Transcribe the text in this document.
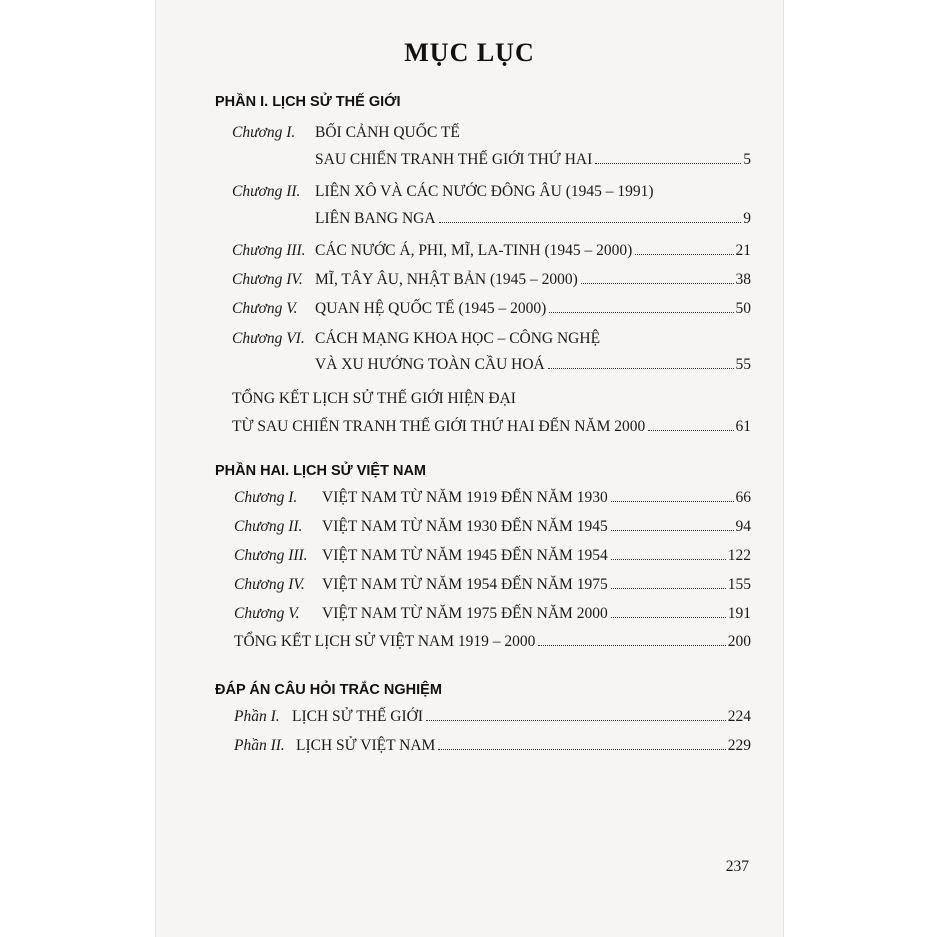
MỤC LỤC
PHẦN I. LỊCH SỬ THẾ GIỚI
Chương I. BỐI CẢNH QUỐC TẾ
SAU CHIẾN TRANH THẾ GIỚI THỨ HAI	5
Chương II. LIÊN XÔ VÀ CÁC NƯỚC ĐÔNG ÂU (1945 – 1991)
LIÊN BANG NGA	9
Chương III. CÁC NƯỚC Á, PHI, MĨ, LA-TINH (1945 – 2000)	21
Chương IV. MĨ, TÂY ÂU, NHẬT BẢN (1945 – 2000)	38
Chương V.	QUAN HỆ QUỐC TẾ (1945 – 2000)	50
Chương VI. CÁCH MẠNG KHOA HỌC – CÔNG NGHỆ
VÀ XU HƯỚNG TOÀN CẦU HOÁ	55
TỔNG KẾT LỊCH SỬ THẾ GIỚI HIỆN ĐẠI
TỪ SAU CHIẾN TRANH THẾ GIỚI THỨ HAI ĐẾN NĂM 2000	61
PHẦN HAI. LỊCH SỬ VIỆT NAM
Chương I.	VIỆT NAM TỪ NĂM 1919 ĐẾN NĂM 1930	66
Chương II.	VIỆT NAM TỪ NĂM 1930 ĐẾN NĂM 1945	94
Chương III. VIỆT NAM TỪ NĂM 1945 ĐẾN NĂM 1954	122
Chương IV.	VIỆT NAM TỪ NĂM 1954 ĐẾN NĂM 1975	155
Chương V.	VIỆT NAM TỪ NĂM 1975 ĐẾN NĂM 2000	191
TỔNG KẾT LỊCH SỬ VIỆT NAM 1919 – 2000	200
ĐÁP ÁN CÂU HỎI TRẮC NGHIỆM
Phần I. LỊCH SỬ THẾ GIỚI	224
Phần II. LỊCH SỬ VIỆT NAM	229
237
